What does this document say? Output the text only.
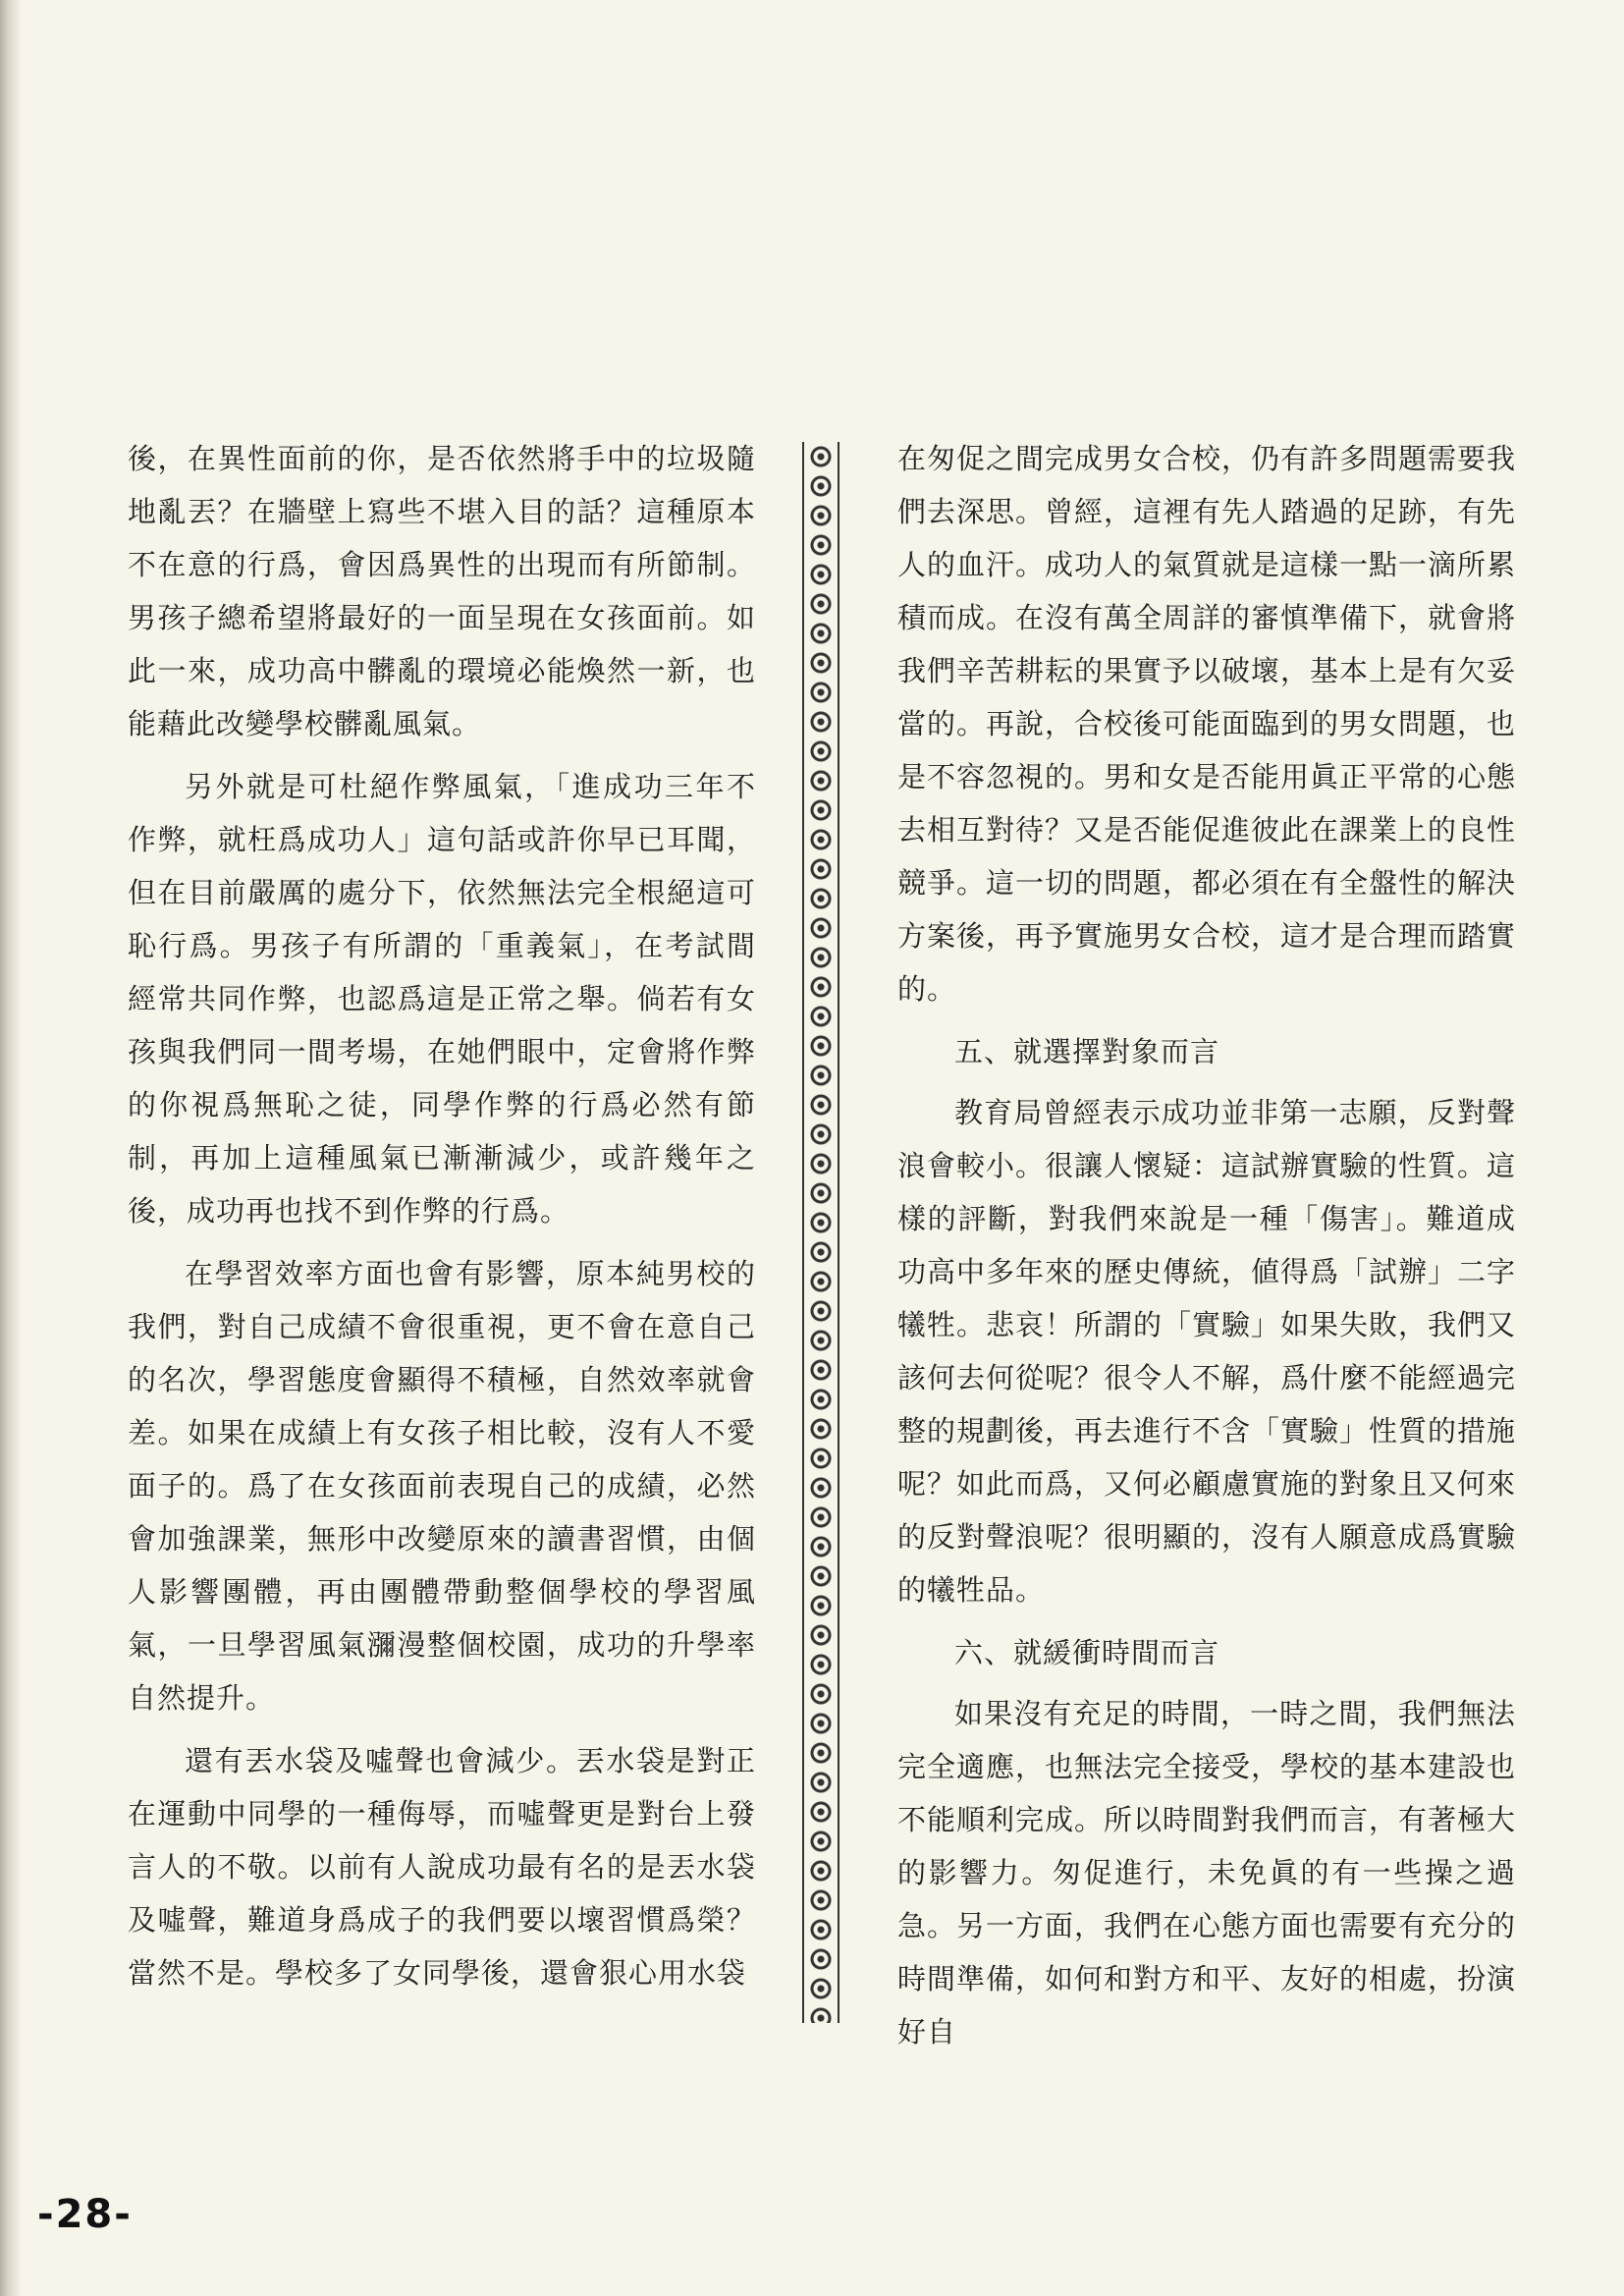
後，在異性面前的你，是否依然將手中的垃圾隨地亂丟？在牆壁上寫些不堪入目的話？這種原本不在意的行爲，會因爲異性的出現而有所節制。男孩子總希望將最好的一面呈現在女孩面前。如此一來，成功高中髒亂的環境必能煥然一新，也能藉此改變學校髒亂風氣。

另外就是可杜絕作弊風氣，「進成功三年不作弊，就枉爲成功人」這句話或許你早已耳聞，但在目前嚴厲的處分下，依然無法完全根絕這可恥行爲。男孩子有所謂的「重義氣」，在考試間經常共同作弊，也認爲這是正常之舉。倘若有女孩與我們同一間考場，在她們眼中，定會將作弊的你視爲無恥之徒，同學作弊的行爲必然有節制，再加上這種風氣已漸漸減少，或許幾年之後，成功再也找不到作弊的行爲。

在學習效率方面也會有影響，原本純男校的我們，對自己成績不會很重視，更不會在意自己的名次，學習態度會顯得不積極，自然效率就會差。如果在成績上有女孩子相比較，沒有人不愛面子的。爲了在女孩面前表現自己的成績，必然會加強課業，無形中改變原來的讀書習慣，由個人影響團體，再由團體帶動整個學校的學習風氣，一旦學習風氣瀰漫整個校園，成功的升學率自然提升。

還有丟水袋及噓聲也會減少。丟水袋是對正在運動中同學的一種侮辱，而噓聲更是對台上發言人的不敬。以前有人說成功最有名的是丟水袋及噓聲，難道身爲成子的我們要以壞習慣爲榮？當然不是。學校多了女同學後，還會狠心用水袋

在匆促之間完成男女合校，仍有許多問題需要我們去深思。曾經，這裡有先人踏過的足跡，有先人的血汗。成功人的氣質就是這樣一點一滴所累積而成。在沒有萬全周詳的審慎準備下，就會將我們辛苦耕耘的果實予以破壞，基本上是有欠妥當的。再說，合校後可能面臨到的男女問題，也是不容忽視的。男和女是否能用眞正平常的心態去相互對待？又是否能促進彼此在課業上的良性競爭。這一切的問題，都必須在有全盤性的解決方案後，再予實施男女合校，這才是合理而踏實的。

五、就選擇對象而言

教育局曾經表示成功並非第一志願，反對聲浪會較小。很讓人懷疑：這試辦實驗的性質。這樣的評斷，對我們來說是一種「傷害」。難道成功高中多年來的歷史傳統，値得爲「試辦」二字犧牲。悲哀！所謂的「實驗」如果失敗，我們又該何去何從呢？很令人不解，爲什麼不能經過完整的規劃後，再去進行不含「實驗」性質的措施呢？如此而爲，又何必顧慮實施的對象且又何來的反對聲浪呢？很明顯的，沒有人願意成爲實驗的犧牲品。

六、就緩衝時間而言

如果沒有充足的時間，一時之間，我們無法完全適應，也無法完全接受，學校的基本建設也不能順利完成。所以時間對我們而言，有著極大的影響力。匆促進行，未免眞的有一些操之過急。另一方面，我們在心態方面也需要有充分的時間準備，如何和對方和平、友好的相處，扮演好自

-28-
